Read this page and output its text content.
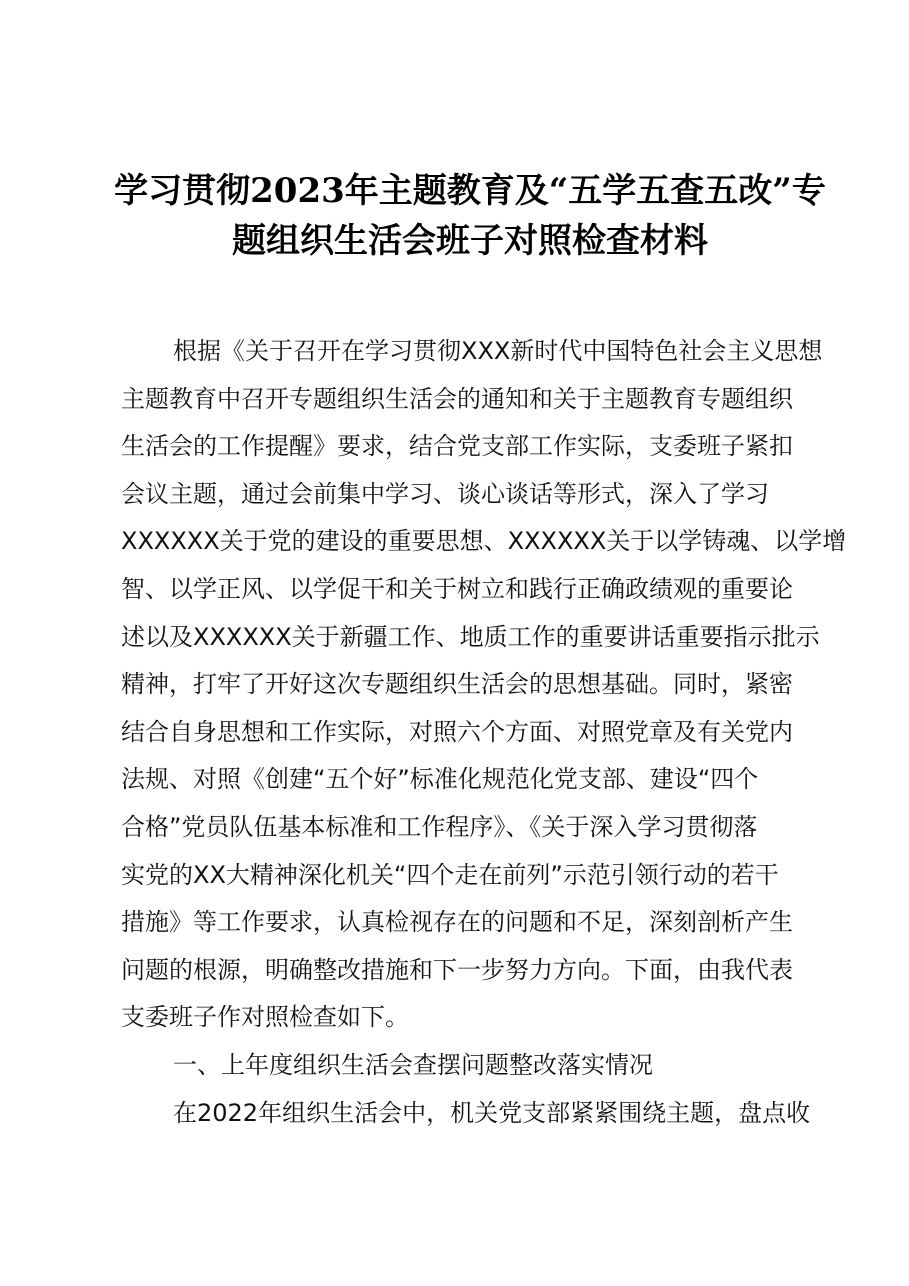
学习贯彻2023年主题教育及“五学五查五改”专
题组织生活会班子对照检查材料
根据《关于召开在学习贯彻XXX新时代中国特色社会主义思想
主题教育中召开专题组织生活会的通知和关于主题教育专题组织
生活会的工作提醒》要求，结合党支部工作实际，支委班子紧扣
会议主题，通过会前集中学习、谈心谈话等形式，深入了学习
XXXXXX关于党的建设的重要思想、XXXXXX关于以学铸魂、以学增
智、以学正风、以学促干和关于树立和践行正确政绩观的重要论
述以及XXXXXX关于新疆工作、地质工作的重要讲话重要指示批示
精神，打牢了开好这次专题组织生活会的思想基础。同时，紧密
结合自身思想和工作实际，对照六个方面、对照党章及有关党内
法规、对照《创建“五个好”标准化规范化党支部、建设“四个
合格”党员队伍基本标准和工作程序》、《关于深入学习贯彻落
实党的XX大精神深化机关“四个走在前列”示范引领行动的若干
措施》等工作要求，认真检视存在的问题和不足，深刻剖析产生
问题的根源，明确整改措施和下一步努力方向。下面，由我代表
支委班子作对照检查如下。
一、上年度组织生活会查摆问题整改落实情况
在2022年组织生活会中，机关党支部紧紧围绕主题，盘点收
